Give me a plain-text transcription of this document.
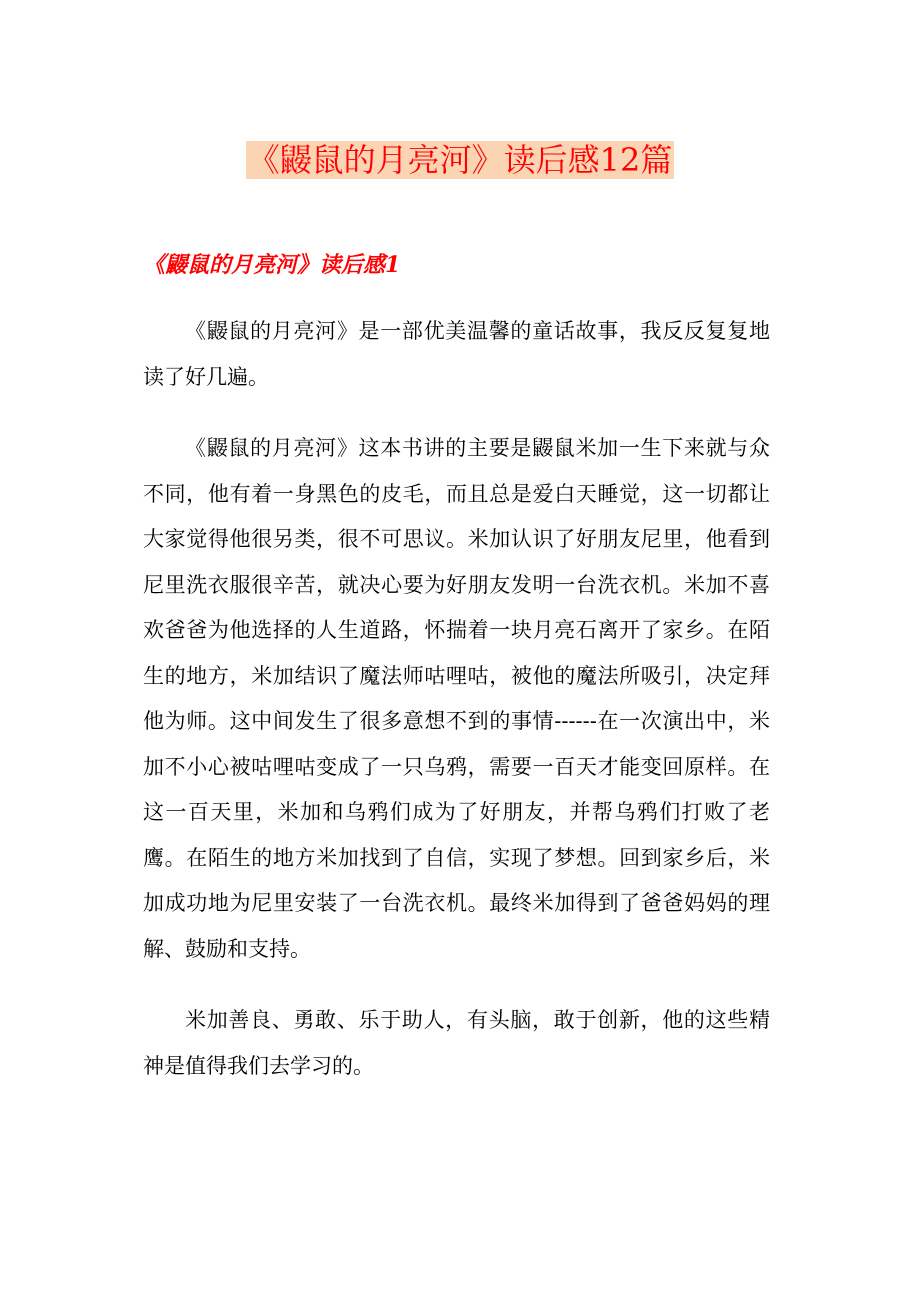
《鼹鼠的月亮河》读后感12篇
《鼹鼠的月亮河》读后感1

《鼹鼠的月亮河》是一部优美温馨的童话故事，我反反复复地读了好几遍。

《鼹鼠的月亮河》这本书讲的主要是鼹鼠米加一生下来就与众不同，他有着一身黑色的皮毛，而且总是爱白天睡觉，这一切都让大家觉得他很另类，很不可思议。米加认识了好朋友尼里，他看到尼里洗衣服很辛苦，就决心要为好朋友发明一台洗衣机。米加不喜欢爸爸为他选择的人生道路，怀揣着一块月亮石离开了家乡。在陌生的地方，米加结识了魔法师咕哩咕，被他的魔法所吸引，决定拜他为师。这中间发生了很多意想不到的事情------在一次演出中，米加不小心被咕哩咕变成了一只乌鸦，需要一百天才能变回原样。在这一百天里，米加和乌鸦们成为了好朋友，并帮乌鸦们打败了老鹰。在陌生的地方米加找到了自信，实现了梦想。回到家乡后，米加成功地为尼里安装了一台洗衣机。最终米加得到了爸爸妈妈的理解、鼓励和支持。

米加善良、勇敢、乐于助人，有头脑，敢于创新，他的这些精神是值得我们去学习的。
